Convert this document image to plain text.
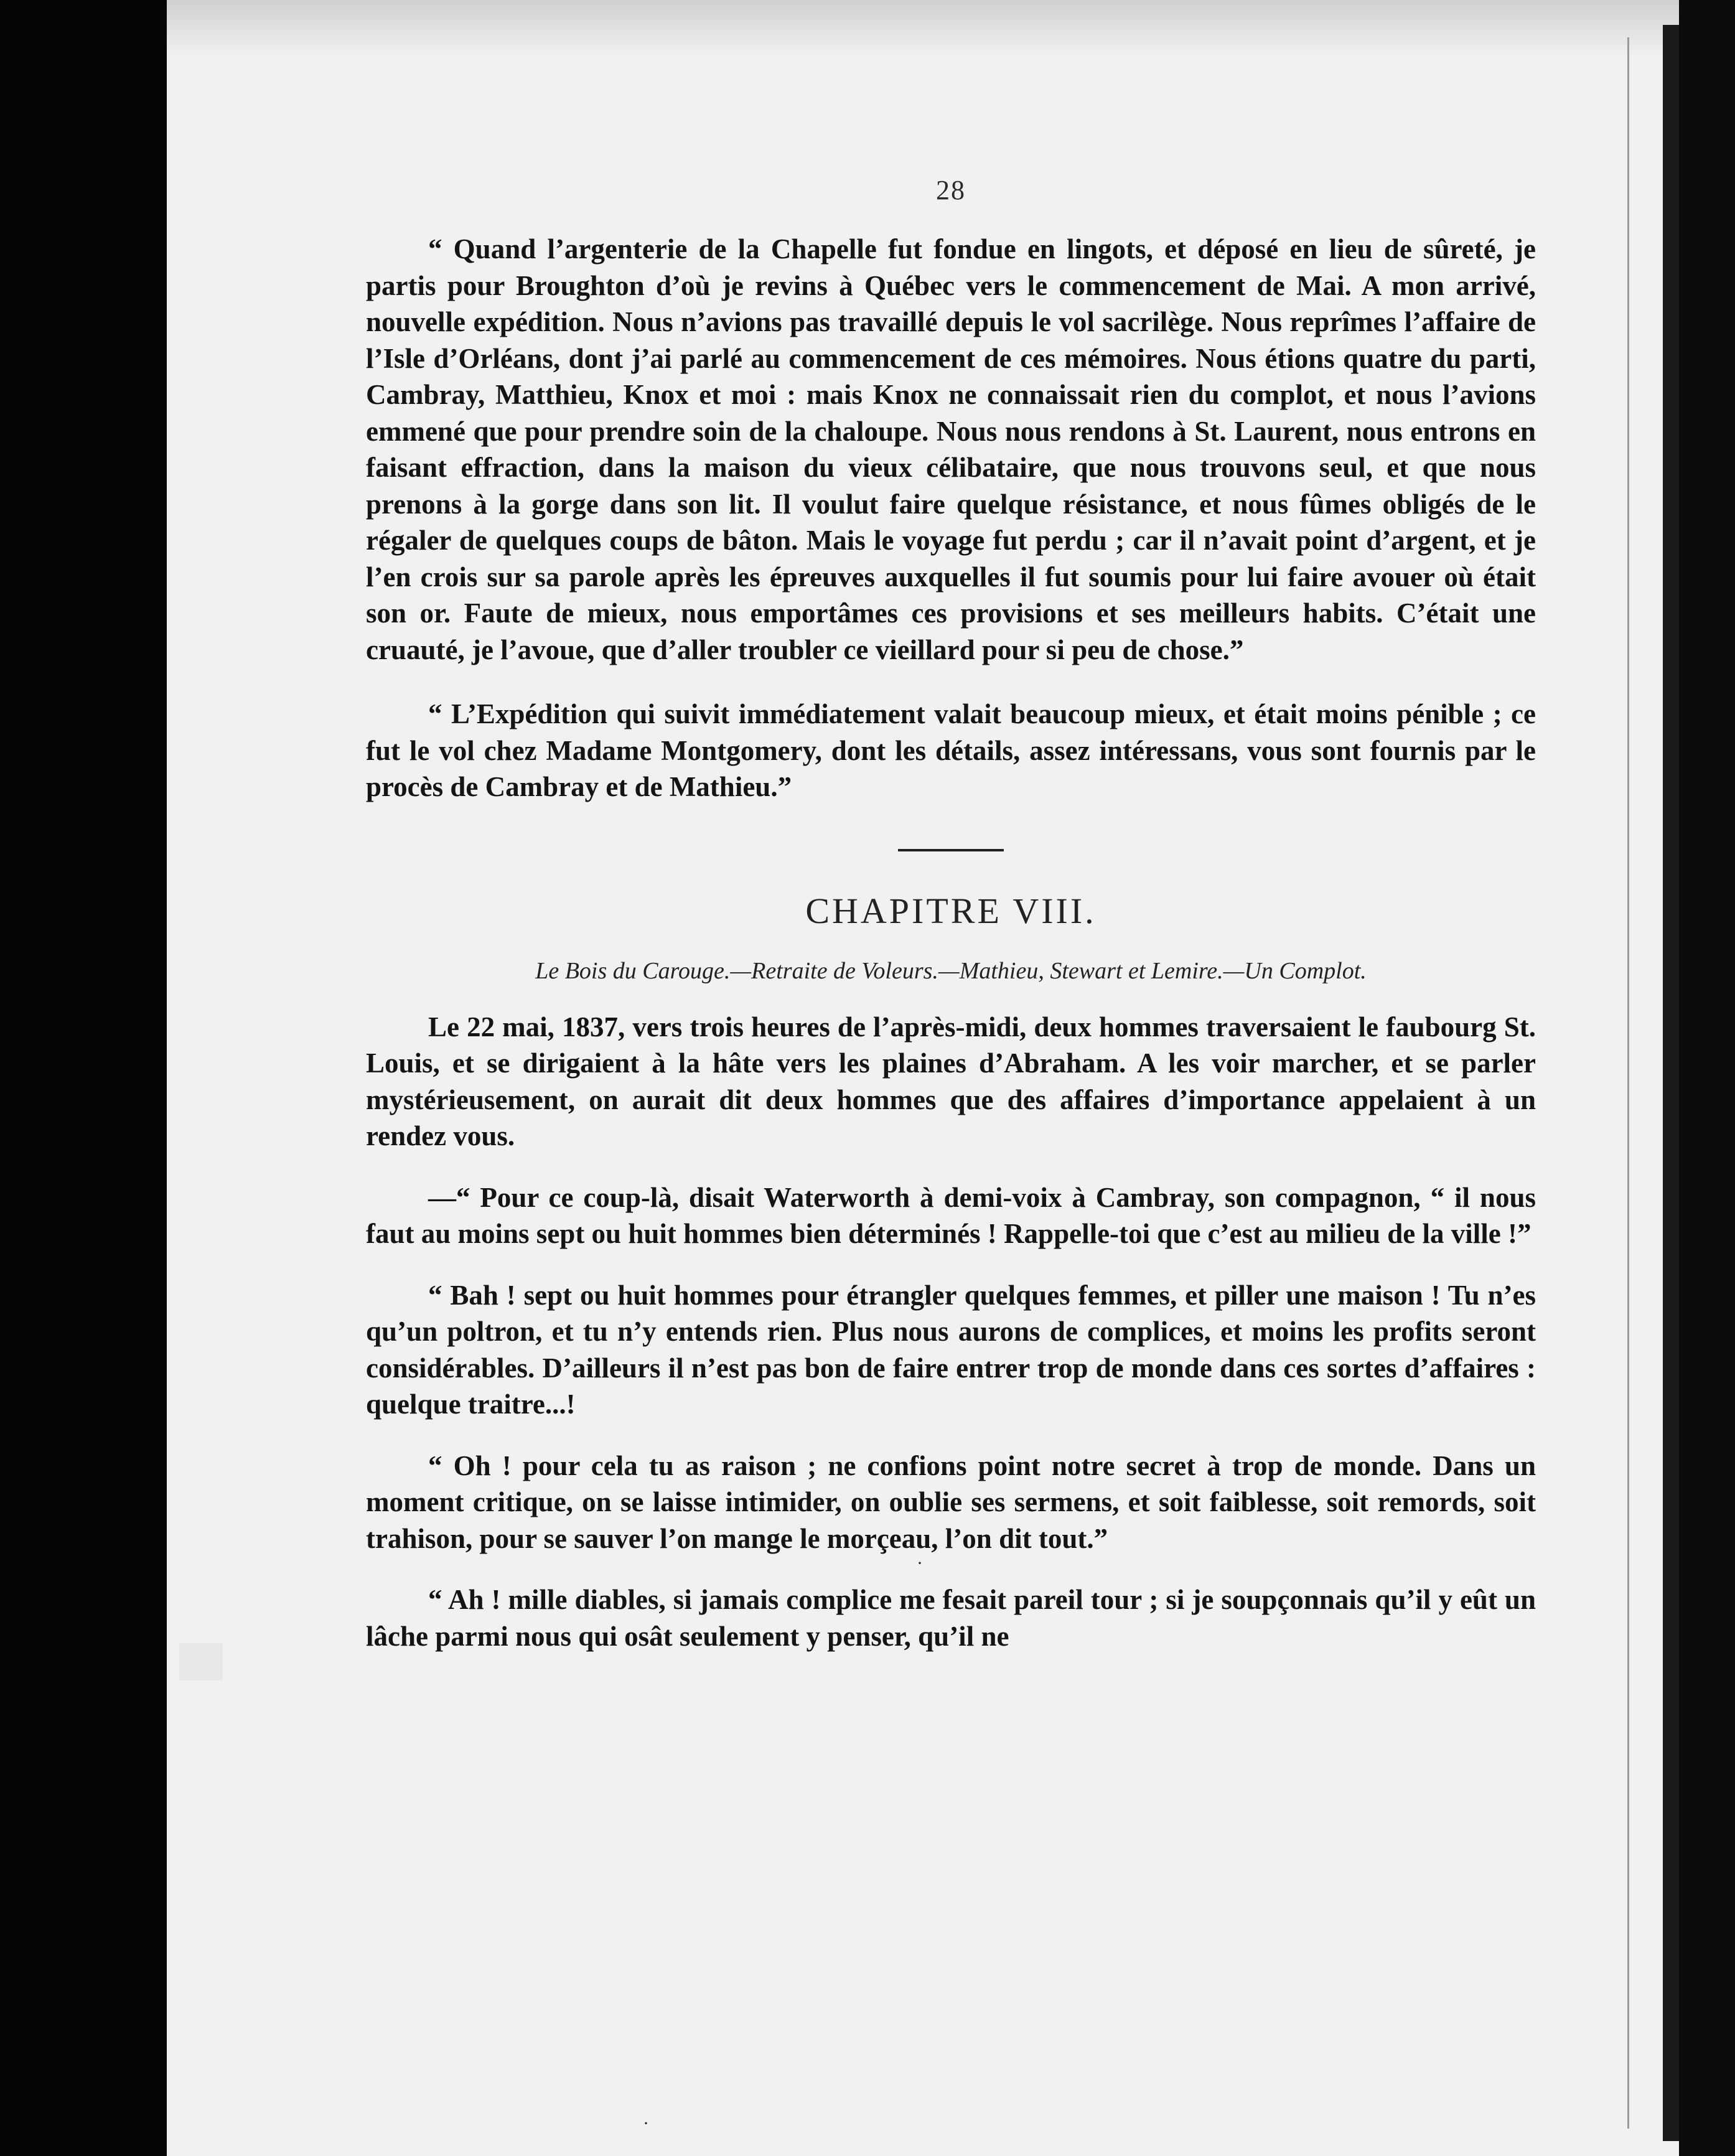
28

“ Quand l’argenterie de la Chapelle fut fondue en lingots, et déposé en lieu de sûreté, je partis pour Broughton d’où je revins à Québec vers le commencement de Mai. A mon arrivé, nouvelle expédition. Nous n’avions pas travaillé depuis le vol sacrilège. Nous reprîmes l’affaire de l’Isle d’Orléans, dont j’ai parlé au commencement de ces mémoires. Nous étions quatre du parti, Cambray, Matthieu, Knox et moi : mais Knox ne connaissait rien du complot, et nous l’avions emmené que pour prendre soin de la chaloupe. Nous nous rendons à St. Laurent, nous entrons en faisant effraction, dans la maison du vieux célibataire, que nous trouvons seul, et que nous prenons à la gorge dans son lit. Il voulut faire quelque résistance, et nous fûmes obligés de le régaler de quelques coups de bâton. Mais le voyage fut perdu ; car il n’avait point d’argent, et je l’en crois sur sa parole après les épreuves auxquelles il fut soumis pour lui faire avouer où était son or. Faute de mieux, nous emportâmes ces provisions et ses meilleurs habits. C’était une cruauté, je l’avoue, que d’aller troubler ce vieillard pour si peu de chose.”

“ L’Expédition qui suivit immédiatement valait beaucoup mieux, et était moins pénible ; ce fut le vol chez Madame Montgomery, dont les détails, assez intéressans, vous sont fournis par le procès de Cambray et de Mathieu.”

CHAPITRE VIII.
Le Bois du Carouge.—Retraite de Voleurs.—Mathieu, Stewart et Lemire.—Un Complot.

Le 22 mai, 1837, vers trois heures de l’après-midi, deux hommes traversaient le faubourg St. Louis, et se dirigaient à la hâte vers les plaines d’Abraham. A les voir marcher, et se parler mystérieusement, on aurait dit deux hommes que des affaires d’importance appelaient à un rendez vous.

—“ Pour ce coup-là, disait Waterworth à demi-voix à Cambray, son compagnon, “ il nous faut au moins sept ou huit hommes bien déterminés ! Rappelle-toi que c’est au milieu de la ville !”

“ Bah ! sept ou huit hommes pour étrangler quelques femmes, et piller une maison ! Tu n’es qu’un poltron, et tu n’y entends rien. Plus nous aurons de complices, et moins les profits seront considérables. D’ailleurs il n’est pas bon de faire entrer trop de monde dans ces sortes d’affaires : quelque traitre...!

“ Oh ! pour cela tu as raison ; ne confions point notre secret à trop de monde. Dans un moment critique, on se laisse intimider, on oublie ses sermens, et soit faiblesse, soit remords, soit trahison, pour se sauver l’on mange le morçeau, l’on dit tout.”

“ Ah ! mille diables, si jamais complice me fesait pareil tour ; si je soupçonnais qu’il y eût un lâche parmi nous qui osât seulement y penser, qu’il ne

·
·
